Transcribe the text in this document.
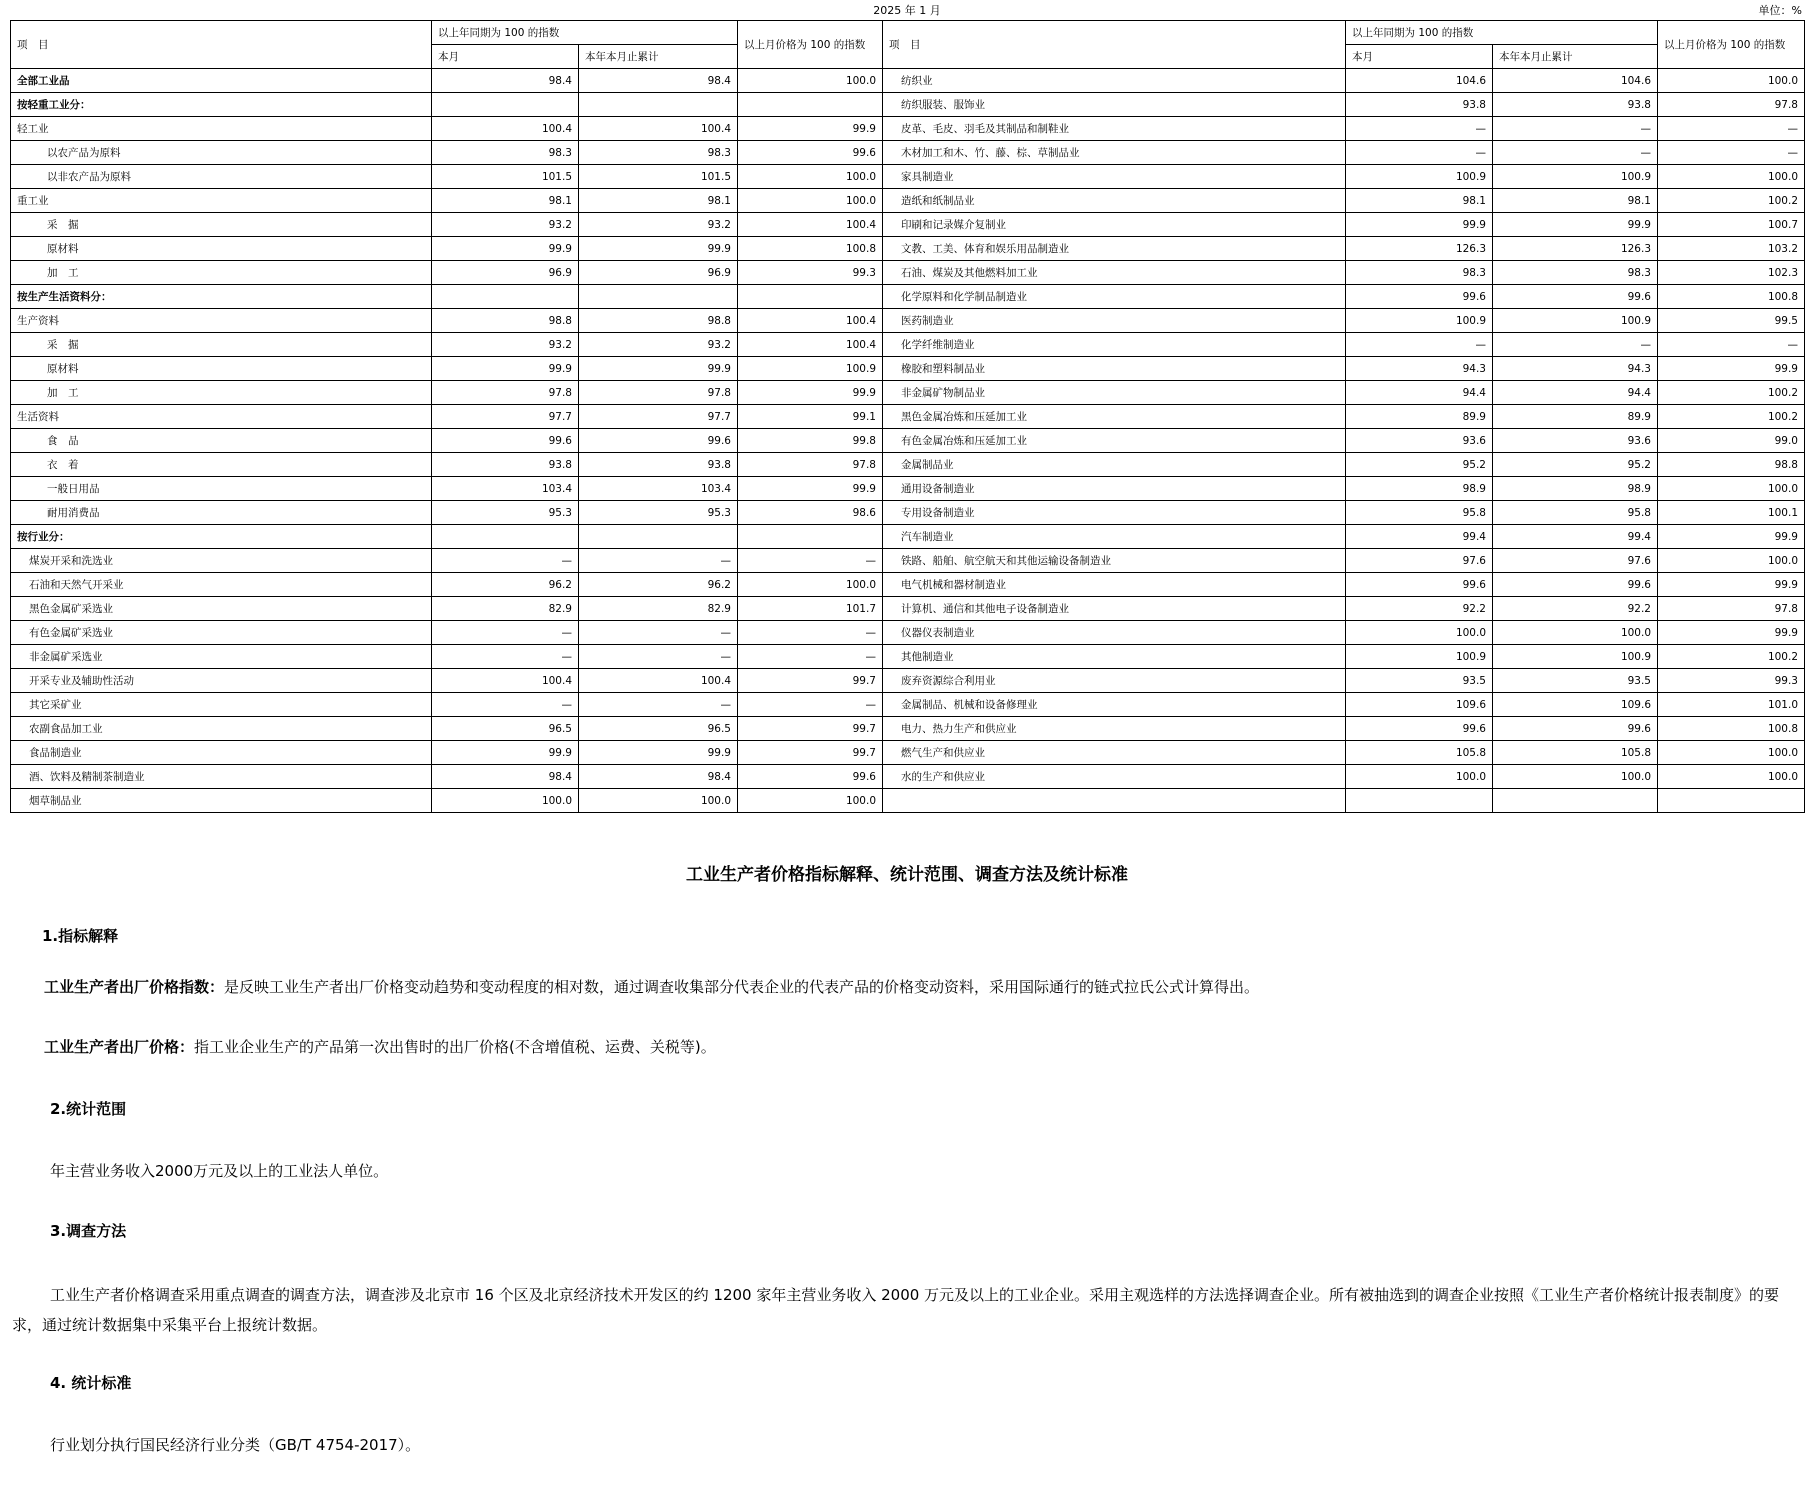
2025 年 1 月	单位：%
项　目	以上年同期为 100 的指数		以上月价格为 100 的指数	项　目	以上年同期为 100 的指数		以上月价格为 100 的指数
	本月	本年本月止累计			本月	本年本月止累计	
全部工业品	98.4	98.4	100.0	纺织业	104.6	104.6	100.0
按轻重工业分：				纺织服装、服饰业	93.8	93.8	97.8
轻工业	100.4	100.4	99.9	皮革、毛皮、羽毛及其制品和制鞋业	—	—	—
以农产品为原料	98.3	98.3	99.6	木材加工和木、竹、藤、棕、草制品业	—	—	—
以非农产品为原料	101.5	101.5	100.0	家具制造业	100.9	100.9	100.0
重工业	98.1	98.1	100.0	造纸和纸制品业	98.1	98.1	100.2
采　掘	93.2	93.2	100.4	印刷和记录媒介复制业	99.9	99.9	100.7
原材料	99.9	99.9	100.8	文教、工美、体育和娱乐用品制造业	126.3	126.3	103.2
加　工	96.9	96.9	99.3	石油、煤炭及其他燃料加工业	98.3	98.3	102.3
按生产生活资料分：				化学原料和化学制品制造业	99.6	99.6	100.8
生产资料	98.8	98.8	100.4	医药制造业	100.9	100.9	99.5
采　掘	93.2	93.2	100.4	化学纤维制造业	—	—	—
原材料	99.9	99.9	100.9	橡胶和塑料制品业	94.3	94.3	99.9
加　工	97.8	97.8	99.9	非金属矿物制品业	94.4	94.4	100.2
生活资料	97.7	97.7	99.1	黑色金属冶炼和压延加工业	89.9	89.9	100.2
食　品	99.6	99.6	99.8	有色金属冶炼和压延加工业	93.6	93.6	99.0
衣　着	93.8	93.8	97.8	金属制品业	95.2	95.2	98.8
一般日用品	103.4	103.4	99.9	通用设备制造业	98.9	98.9	100.0
耐用消费品	95.3	95.3	98.6	专用设备制造业	95.8	95.8	100.1
按行业分：				汽车制造业	99.4	99.4	99.9
煤炭开采和洗选业	—	—	—	铁路、船舶、航空航天和其他运输设备制造业	97.6	97.6	100.0
石油和天然气开采业	96.2	96.2	100.0	电气机械和器材制造业	99.6	99.6	99.9
黑色金属矿采选业	82.9	82.9	101.7	计算机、通信和其他电子设备制造业	92.2	92.2	97.8
有色金属矿采选业	—	—	—	仪器仪表制造业	100.0	100.0	99.9
非金属矿采选业	—	—	—	其他制造业	100.9	100.9	100.2
开采专业及辅助性活动	100.4	100.4	99.7	废弃资源综合利用业	93.5	93.5	99.3
其它采矿业	—	—	—	金属制品、机械和设备修理业	109.6	109.6	101.0
农副食品加工业	96.5	96.5	99.7	电力、热力生产和供应业	99.6	99.6	100.8
食品制造业	99.9	99.9	99.7	燃气生产和供应业	105.8	105.8	100.0
酒、饮料及精制茶制造业	98.4	98.4	99.6	水的生产和供应业	100.0	100.0	100.0
烟草制品业	100.0	100.0	100.0				
工业生产者价格指标解释、统计范围、调查方法及统计标准
1.指标解释
工业生产者出厂价格指数：是反映工业生产者出厂价格变动趋势和变动程度的相对数，通过调查收集部分代表企业的代表产品的价格变动资料，采用国际通行的链式拉氏公式计算得出。
工业生产者出厂价格：指工业企业生产的产品第一次出售时的出厂价格(不含增值税、运费、关税等)。
2.统计范围
年主营业务收入2000万元及以上的工业法人单位。
3.调查方法
工业生产者价格调查采用重点调查的调查方法，调查涉及北京市 16 个区及北京经济技术开发区的约 1200 家年主营业务收入 2000 万元及以上的工业企业。采用主观选样的方法选择调查企业。所有被抽选到的调查企业按照《工业生产者价格统计报表制度》的要求，通过统计数据集中采集平台上报统计数据。
4. 统计标准
行业划分执行国民经济行业分类（GB/T 4754-2017）。
